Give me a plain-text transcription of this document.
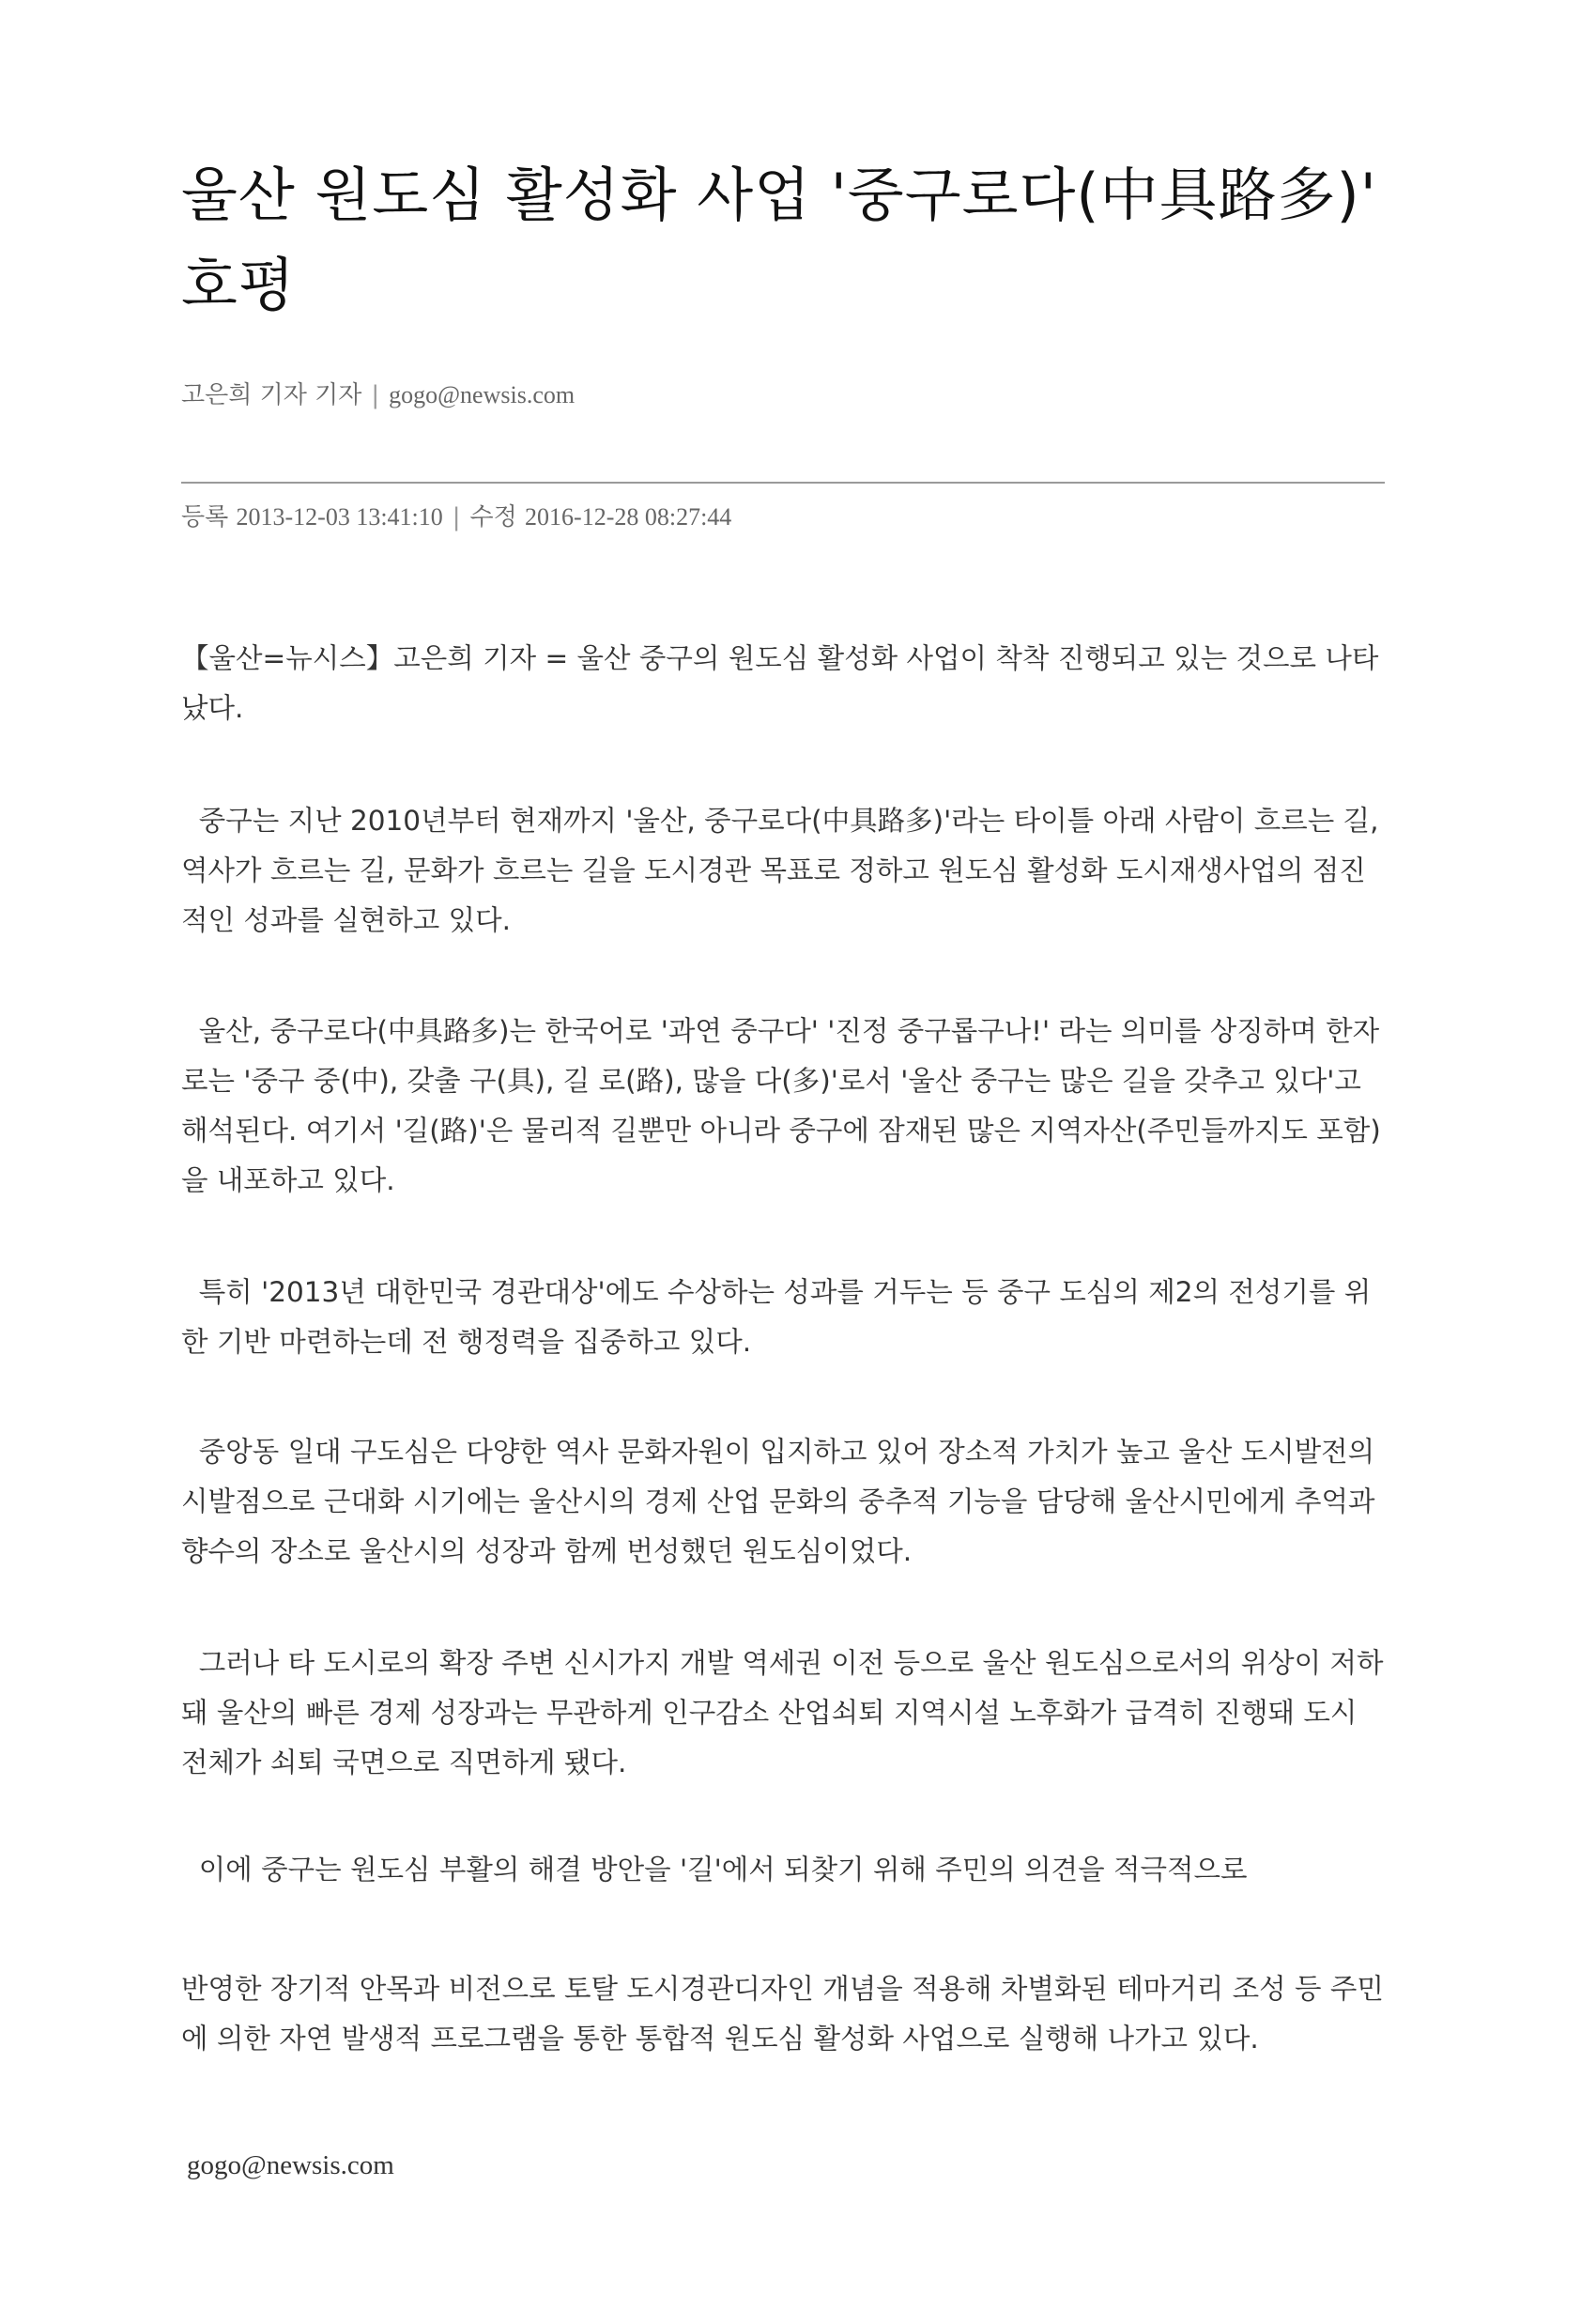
울산 원도심 활성화 사업 '중구로다(中具路多)' 호평
고은희 기자 기자 | gogo@newsis.com
등록 2013-12-03 13:41:10 | 수정 2016-12-28 08:27:44

【울산=뉴시스】고은희 기자 = 울산 중구의 원도심 활성화 사업이 착착 진행되고 있는 것으로 나타났다.

중구는 지난 2010년부터 현재까지 '울산, 중구로다(中具路多)'라는 타이틀 아래 사람이 흐르는 길, 역사가 흐르는 길, 문화가 흐르는 길을 도시경관 목표로 정하고 원도심 활성화 도시재생사업의 점진적인 성과를 실현하고 있다.

울산, 중구로다(中具路多)는 한국어로 '과연 중구다' '진정 중구롭구나!' 라는 의미를 상징하며 한자로는 '중구 중(中), 갖출 구(具), 길 로(路), 많을 다(多)'로서 '울산 중구는 많은 길을 갖추고 있다'고 해석된다. 여기서 '길(路)'은 물리적 길뿐만 아니라 중구에 잠재된 많은 지역자산(주민들까지도 포함)을 내포하고 있다.

특히 '2013년 대한민국 경관대상'에도 수상하는 성과를 거두는 등 중구 도심의 제2의 전성기를 위한 기반 마련하는데 전 행정력을 집중하고 있다.

중앙동 일대 구도심은 다양한 역사 문화자원이 입지하고 있어 장소적 가치가 높고 울산 도시발전의 시발점으로 근대화 시기에는 울산시의 경제 산업 문화의 중추적 기능을 담당해 울산시민에게 추억과 향수의 장소로 울산시의 성장과 함께 번성했던 원도심이었다.

그러나 타 도시로의 확장 주변 신시가지 개발 역세권 이전 등으로 울산 원도심으로서의 위상이 저하돼 울산의 빠른 경제 성장과는 무관하게 인구감소 산업쇠퇴 지역시설 노후화가 급격히 진행돼 도시 전체가 쇠퇴 국면으로 직면하게 됐다.

이에 중구는 원도심 부활의 해결 방안을 '길'에서 되찾기 위해 주민의 의견을 적극적으로

반영한 장기적 안목과 비전으로 토탈 도시경관디자인 개념을 적용해 차별화된 테마거리 조성 등 주민에 의한 자연 발생적 프로그램을 통한 통합적 원도심 활성화 사업으로 실행해 나가고 있다.

gogo@newsis.com
